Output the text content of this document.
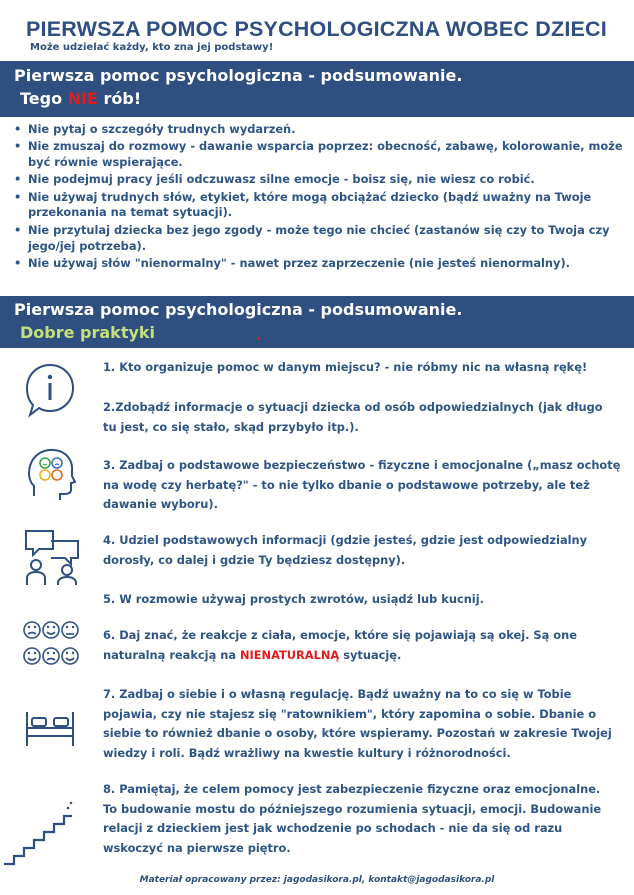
PIERWSZA POMOC PSYCHOLOGICZNA WOBEC DZIECI
Może udzielać każdy, kto zna jej podstawy!
Pierwsza pomoc psychologiczna - podsumowanie.
Tego NIE rób!
• Nie pytaj o szczegóły trudnych wydarzeń.
• Nie zmuszaj do rozmowy - dawanie wsparcia poprzez: obecność, zabawę, kolorowanie, może być równie wspierające.
• Nie podejmuj pracy jeśli odczuwasz silne emocje - boisz się, nie wiesz co robić.
• Nie używaj trudnych słów, etykiet, które mogą obciążać dziecko (bądź uważny na Twoje przekonania na temat sytuacji).
• Nie przytulaj dziecka bez jego zgody - może tego nie chcieć (zastanów się czy to Twoja czy jego/jej potrzeba).
• Nie używaj słów "nienormalny" - nawet przez zaprzeczenie (nie jesteś nienormalny).
Pierwsza pomoc psychologiczna - podsumowanie.
Dobre praktyki
1. Kto organizuje pomoc w danym miejscu? - nie róbmy nic na własną rękę!
2.Zdobądź informacje o sytuacji dziecka od osób odpowiedzialnych (jak długo tu jest, co się stało, skąd przybyło itp.).
3. Zadbaj o podstawowe bezpieczeństwo - fizyczne i emocjonalne („masz ochotę na wodę czy herbatę?" - to nie tylko dbanie o podstawowe potrzeby, ale też dawanie wyboru).
4. Udziel podstawowych informacji (gdzie jesteś, gdzie jest odpowiedzialny dorosły, co dalej i gdzie Ty będziesz dostępny).
5. W rozmowie używaj prostych zwrotów, usiądź lub kucnij.
6. Daj znać, że reakcje z ciała, emocje, które się pojawiają są okej. Są one naturalną reakcją na NIENATURALNĄ sytuację.
7. Zadbaj o siebie i o własną regulację. Bądź uważny na to co się w Tobie pojawia, czy nie stajesz się "ratownikiem", który zapomina o sobie. Dbanie o siebie to również dbanie o osoby, które wspieramy. Pozostań w zakresie Twojej wiedzy i roli. Bądź wrażliwy na kwestie kultury i różnorodności.
8. Pamiętaj, że celem pomocy jest zabezpieczenie fizyczne oraz emocjonalne. To budowanie mostu do późniejszego rozumienia sytuacji, emocji. Budowanie relacji z dzieckiem jest jak wchodzenie po schodach - nie da się od razu wskoczyć na pierwsze piętro.
Materiał opracowany przez: jagodasikora.pl, kontakt@jagodasikora.pl
